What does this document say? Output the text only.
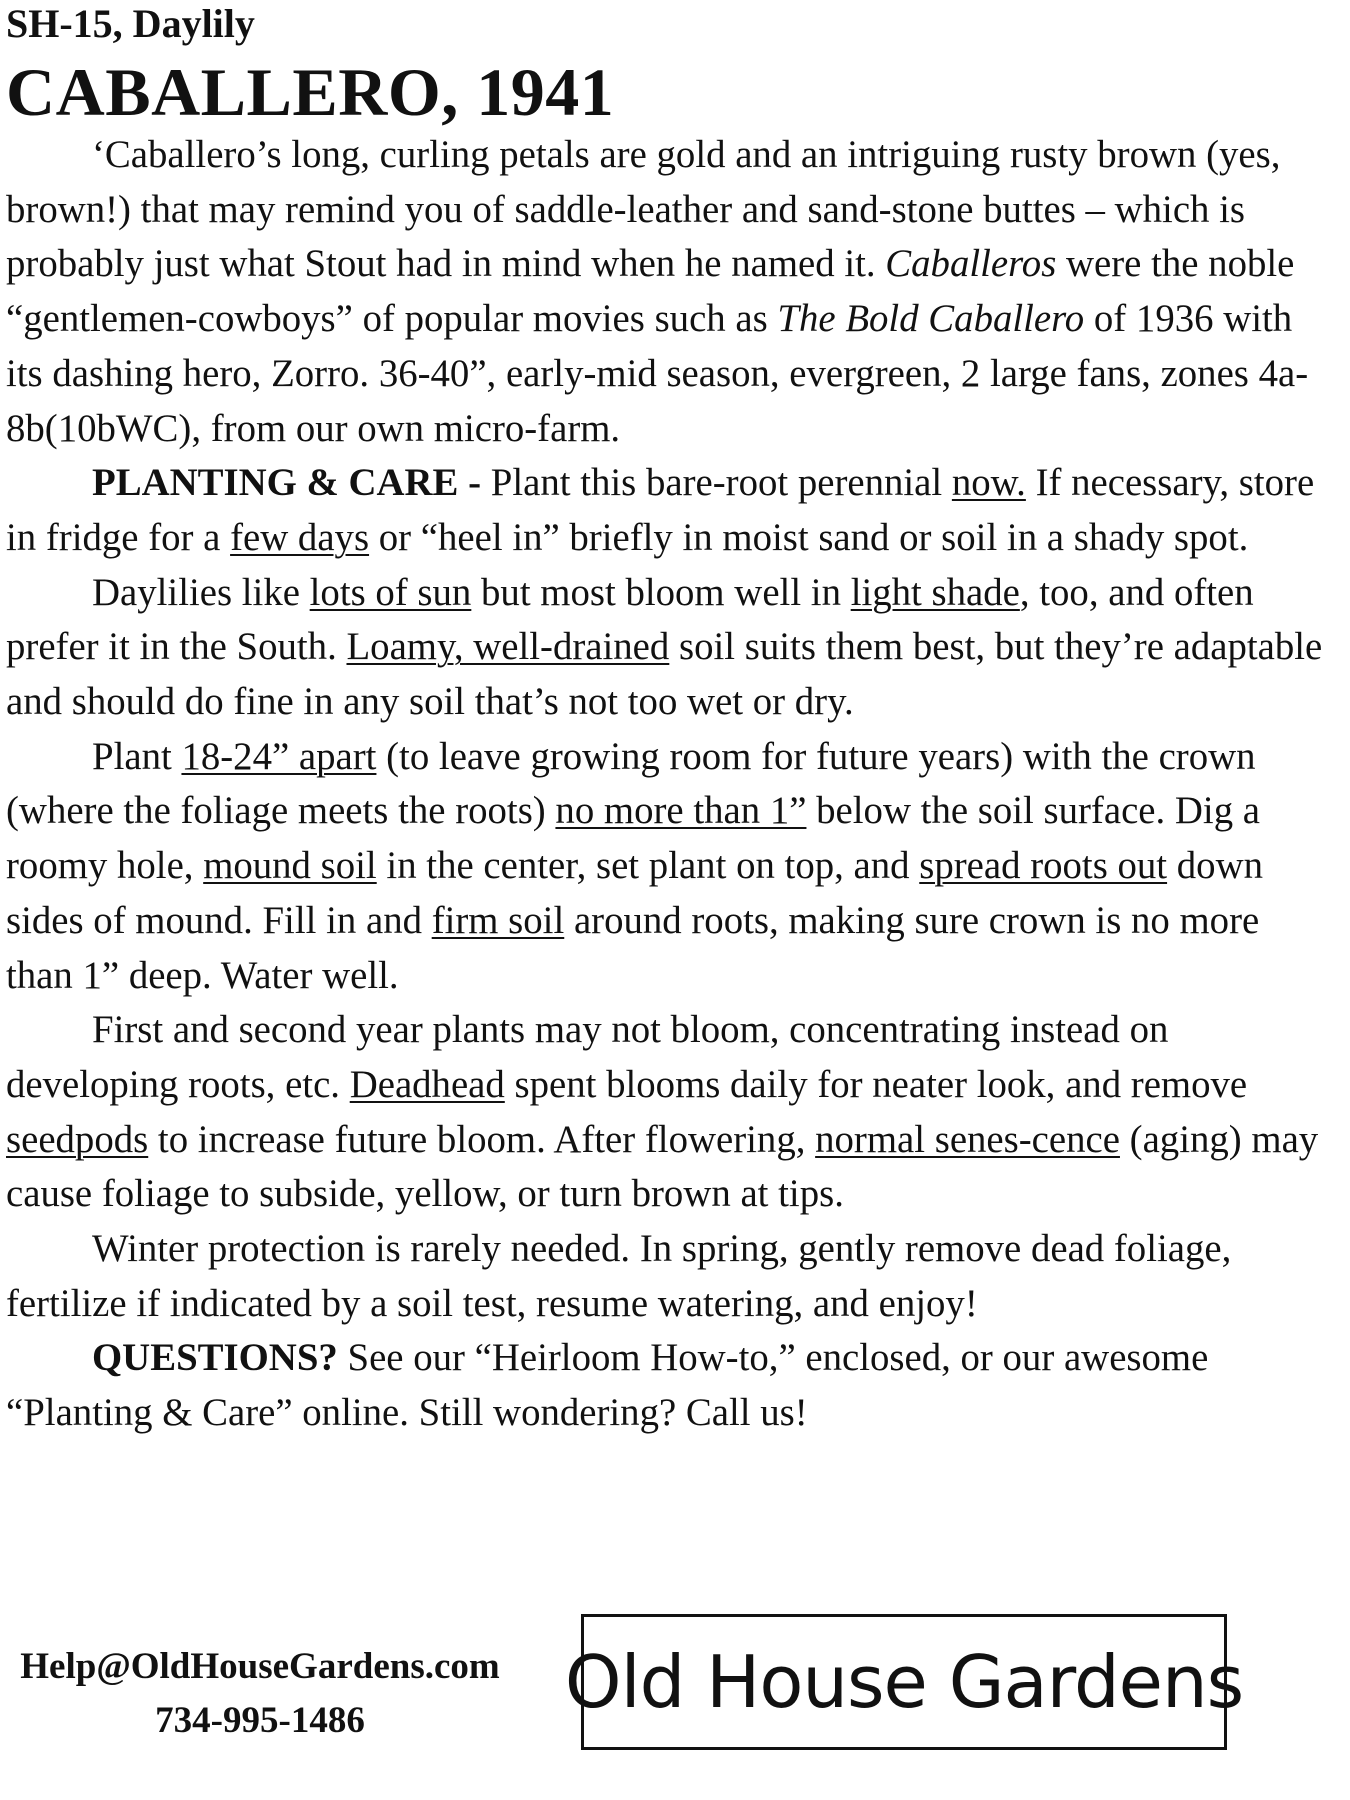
SH-15, Daylily
CABALLERO, 1941

‘Caballero’s long, curling petals are gold and an intriguing rusty brown (yes, brown!) that may remind you of saddle-leather and sand-stone buttes – which is probably just what Stout had in mind when he named it. Caballeros were the noble “gentlemen-cowboys” of popular movies such as The Bold Caballero of 1936 with its dashing hero, Zorro. 36-40”, early-mid season, evergreen, 2 large fans, zones 4a-8b(10bWC), from our own micro-farm.

PLANTING & CARE - Plant this bare-root perennial now. If necessary, store in fridge for a few days or “heel in” briefly in moist sand or soil in a shady spot.

Daylilies like lots of sun but most bloom well in light shade, too, and often prefer it in the South. Loamy, well-drained soil suits them best, but they’re adaptable and should do fine in any soil that’s not too wet or dry.

Plant 18-24” apart (to leave growing room for future years) with the crown (where the foliage meets the roots) no more than 1” below the soil surface. Dig a roomy hole, mound soil in the center, set plant on top, and spread roots out down sides of mound. Fill in and firm soil around roots, making sure crown is no more than 1” deep. Water well.

First and second year plants may not bloom, concentrating instead on developing roots, etc. Deadhead spent blooms daily for neater look, and remove seedpods to increase future bloom. After flowering, normal senes-cence (aging) may cause foliage to subside, yellow, or turn brown at tips.

Winter protection is rarely needed. In spring, gently remove dead foliage, fertilize if indicated by a soil test, resume watering, and enjoy!

QUESTIONS? See our “Heirloom How-to,” enclosed, or our awesome “Planting & Care” online. Still wondering? Call us!

Help@OldHouseGardens.com
734-995-1486	Old House Gardens
